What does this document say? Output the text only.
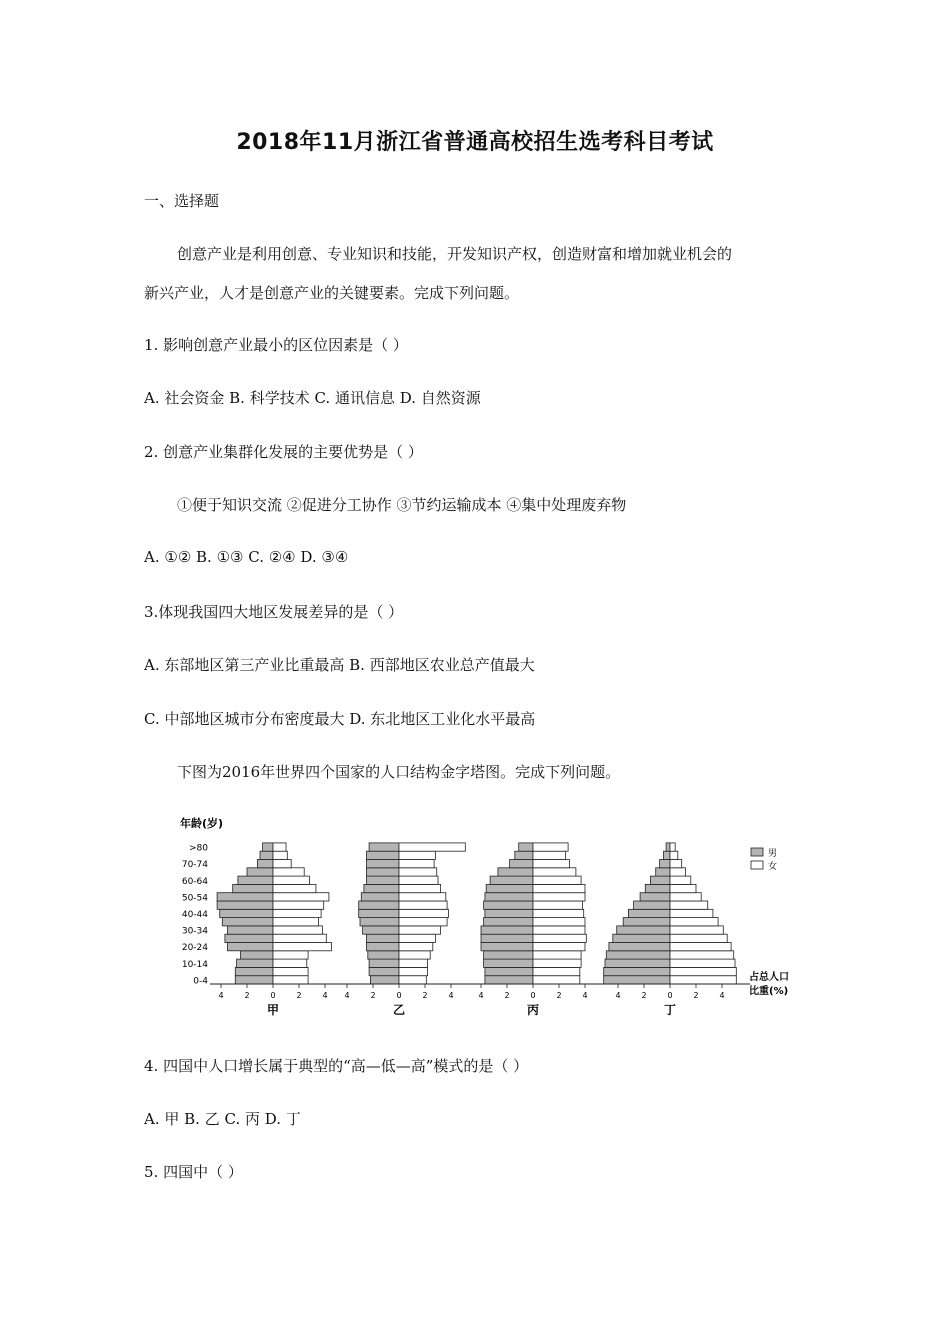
2018年11月浙江省普通高校招生选考科目考试
一、选择题
创意产业是利用创意、专业知识和技能，开发知识产权，创造财富和增加就业机会的
新兴产业，人才是创意产业的关键要素。完成下列问题。
1. 影响创意产业最小的区位因素是（ ）
A. 社会资金 B. 科学技术 C. 通讯信息 D. 自然资源
2. 创意产业集群化发展的主要优势是（ ）
①便于知识交流 ②促进分工协作 ③节约运输成本 ④集中处理废弃物
A. ①② B. ①③ C. ②④ D. ③④
3.体现我国四大地区发展差异的是（ ）
A. 东部地区第三产业比重最高 B. 西部地区农业总产值最大
C. 中部地区城市分布密度最大 D. 东北地区工业化水平最高
下图为2016年世界四个国家的人口结构金字塔图。完成下列问题。
年龄(岁)
>80
70-74
60-64
50-54
40-44
30-34
20-24
10-14
0-4
4	2	0	2	4
甲
4	2	0	2	4
乙
4	2	0	2	4
丙
4	2	0	2	4
丁
男
女
占总人口
比重(%)
4. 四国中人口增长属于典型的“高—低—高”模式的是（ ）
A. 甲 B. 乙 C. 丙 D. 丁
5. 四国中（ ）
